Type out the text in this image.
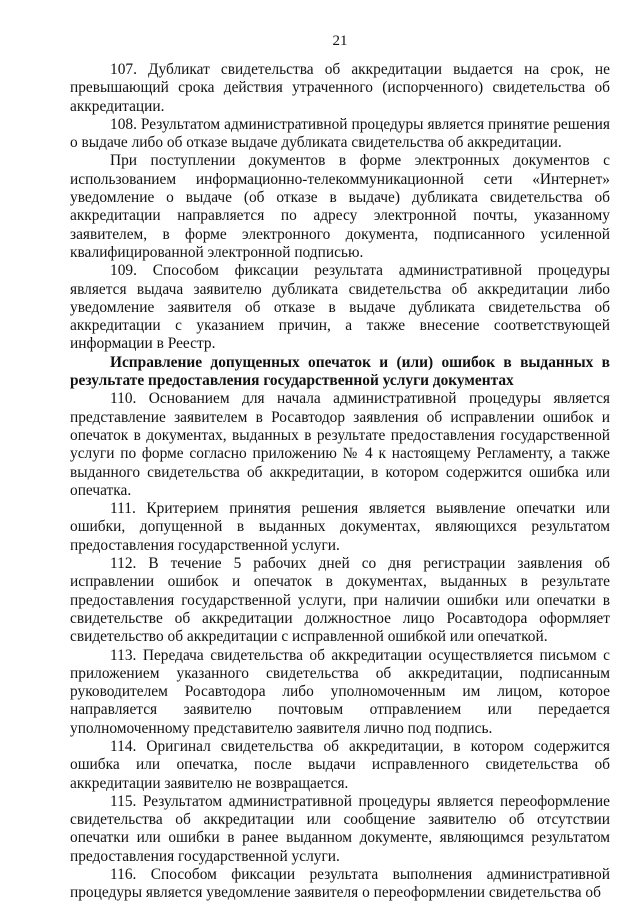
21

107. Дубликат свидетельства об аккредитации выдается на срок, не превышающий срока действия утраченного (испорченного) свидетельства об аккредитации.

108. Результатом административной процедуры является принятие решения о выдаче либо об отказе выдаче дубликата свидетельства об аккредитации.

При поступлении документов в форме электронных документов с использованием информационно-телекоммуникационной сети «Интернет» уведомление о выдаче (об отказе в выдаче) дубликата свидетельства об аккредитации направляется по адресу электронной почты, указанному заявителем, в форме электронного документа, подписанного усиленной квалифицированной электронной подписью.

109. Способом фиксации результата административной процедуры является выдача заявителю дубликата свидетельства об аккредитации либо уведомление заявителя об отказе в выдаче дубликата свидетельства об аккредитации с указанием причин, а также внесение соответствующей информации в Реестр.

Исправление допущенных опечаток и (или) ошибок в выданных в результате предоставления государственной услуги документах

110. Основанием для начала административной процедуры является представление заявителем в Росавтодор заявления об исправлении ошибок и опечаток в документах, выданных в результате предоставления государственной услуги по форме согласно приложению № 4 к настоящему Регламенту, а также выданного свидетельства об аккредитации, в котором содержится ошибка или опечатка.

111. Критерием принятия решения является выявление опечатки или ошибки, допущенной в выданных документах, являющихся результатом предоставления государственной услуги.

112. В течение 5 рабочих дней со дня регистрации заявления об исправлении ошибок и опечаток в документах, выданных в результате предоставления государственной услуги, при наличии ошибки или опечатки в свидетельстве об аккредитации должностное лицо Росавтодора оформляет свидетельство об аккредитации с исправленной ошибкой или опечаткой.

113. Передача свидетельства об аккредитации осуществляется письмом с приложением указанного свидетельства об аккредитации, подписанным руководителем Росавтодора либо уполномоченным им лицом, которое направляется заявителю почтовым отправлением или передается уполномоченному представителю заявителя лично под подпись.

114. Оригинал свидетельства об аккредитации, в котором содержится ошибка или опечатка, после выдачи исправленного свидетельства об аккредитации заявителю не возвращается.

115. Результатом административной процедуры является переоформление свидетельства об аккредитации или сообщение заявителю об отсутствии опечатки или ошибки в ранее выданном документе, являющимся результатом предоставления государственной услуги.

116. Способом фиксации результата выполнения административной процедуры является уведомление заявителя о переоформлении свидетельства об
